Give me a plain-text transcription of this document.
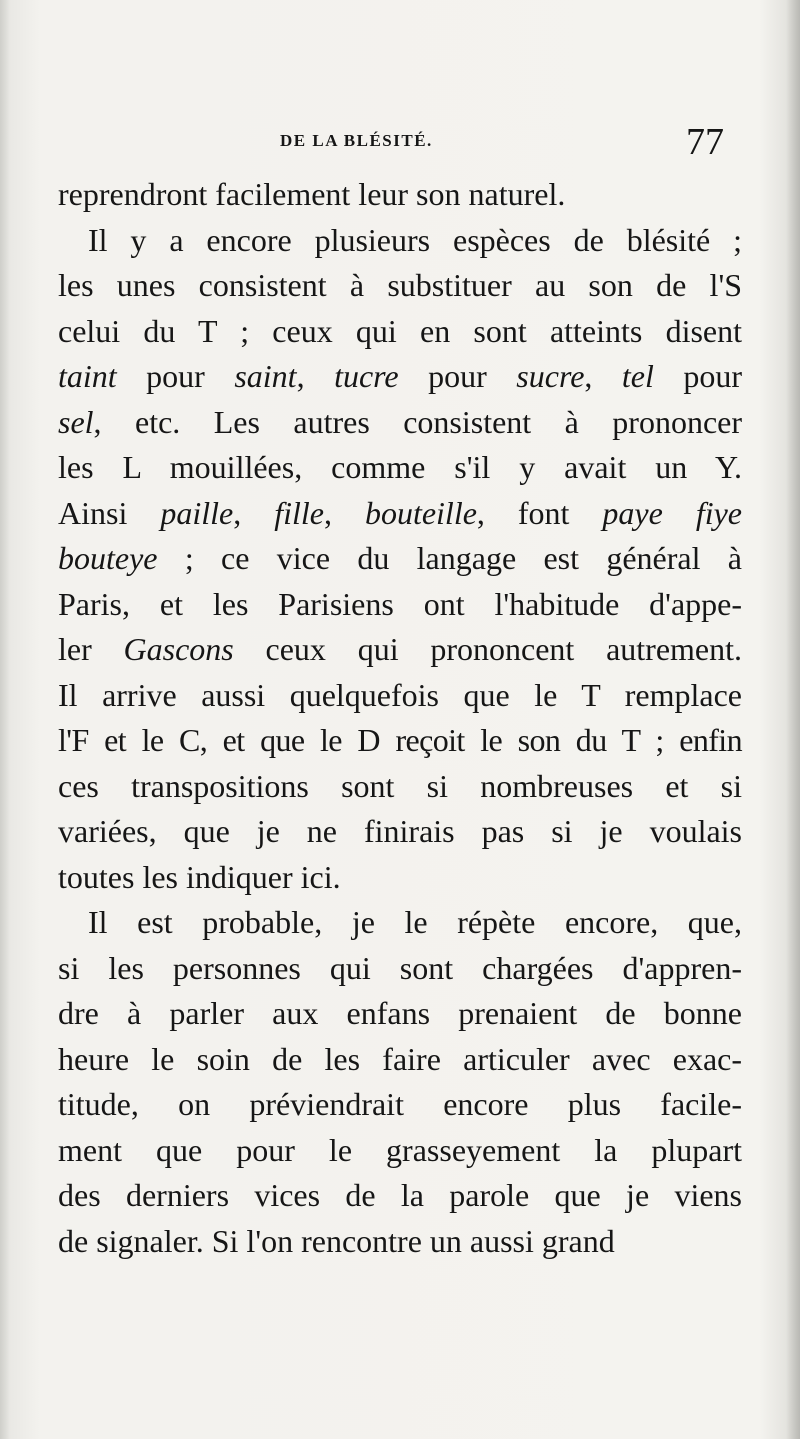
DE LA BLÉSITÉ.	77
reprendront facilement leur son naturel.
Il y a encore plusieurs espèces de blésité ;
les unes consistent à substituer au son de l'S
celui du T ; ceux qui en sont atteints disent
taint pour saint, tucre pour sucre, tel pour
sel, etc. Les autres consistent à prononcer
les L mouillées, comme s'il y avait un Y.
Ainsi paille, fille, bouteille, font paye fiye
bouteye ; ce vice du langage est général à
Paris, et les Parisiens ont l'habitude d'appe-
ler Gascons ceux qui prononcent autrement.
Il arrive aussi quelquefois que le T remplace
l'F et le C, et que le D reçoit le son du T ; enfin
ces transpositions sont si nombreuses et si
variées, que je ne finirais pas si je voulais
toutes les indiquer ici.
Il est probable, je le répète encore, que,
si les personnes qui sont chargées d'appren-
dre à parler aux enfans prenaient de bonne
heure le soin de les faire articuler avec exac-
titude, on préviendrait encore plus facile-
ment que pour le grasseyement la plupart
des derniers vices de la parole que je viens
de signaler. Si l'on rencontre un aussi grand
